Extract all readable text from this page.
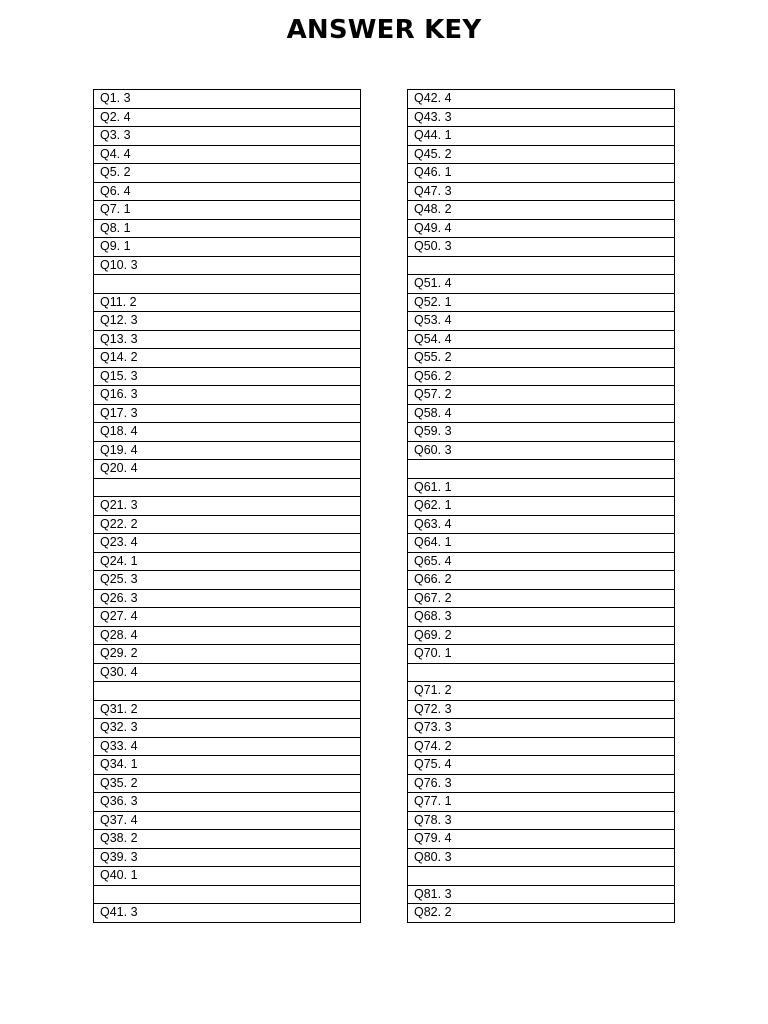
ANSWER KEY
Q1. 3
Q2. 4
Q3. 3
Q4. 4
Q5. 2
Q6. 4
Q7. 1
Q8. 1
Q9. 1
Q10. 3

Q11. 2
Q12. 3
Q13. 3
Q14. 2
Q15. 3
Q16. 3
Q17. 3
Q18. 4
Q19. 4
Q20. 4

Q21. 3
Q22. 2
Q23. 4
Q24. 1
Q25. 3
Q26. 3
Q27. 4
Q28. 4
Q29. 2
Q30. 4

Q31. 2
Q32. 3
Q33. 4
Q34. 1
Q35. 2
Q36. 3
Q37. 4
Q38. 2
Q39. 3
Q40. 1

Q41. 3
Q42. 4
Q43. 3
Q44. 1
Q45. 2
Q46. 1
Q47. 3
Q48. 2
Q49. 4
Q50. 3

Q51. 4
Q52. 1
Q53. 4
Q54. 4
Q55. 2
Q56. 2
Q57. 2
Q58. 4
Q59. 3
Q60. 3

Q61. 1
Q62. 1
Q63. 4
Q64. 1
Q65. 4
Q66. 2
Q67. 2
Q68. 3
Q69. 2
Q70. 1

Q71. 2
Q72. 3
Q73. 3
Q74. 2
Q75. 4
Q76. 3
Q77. 1
Q78. 3
Q79. 4
Q80. 3

Q81. 3
Q82. 2
